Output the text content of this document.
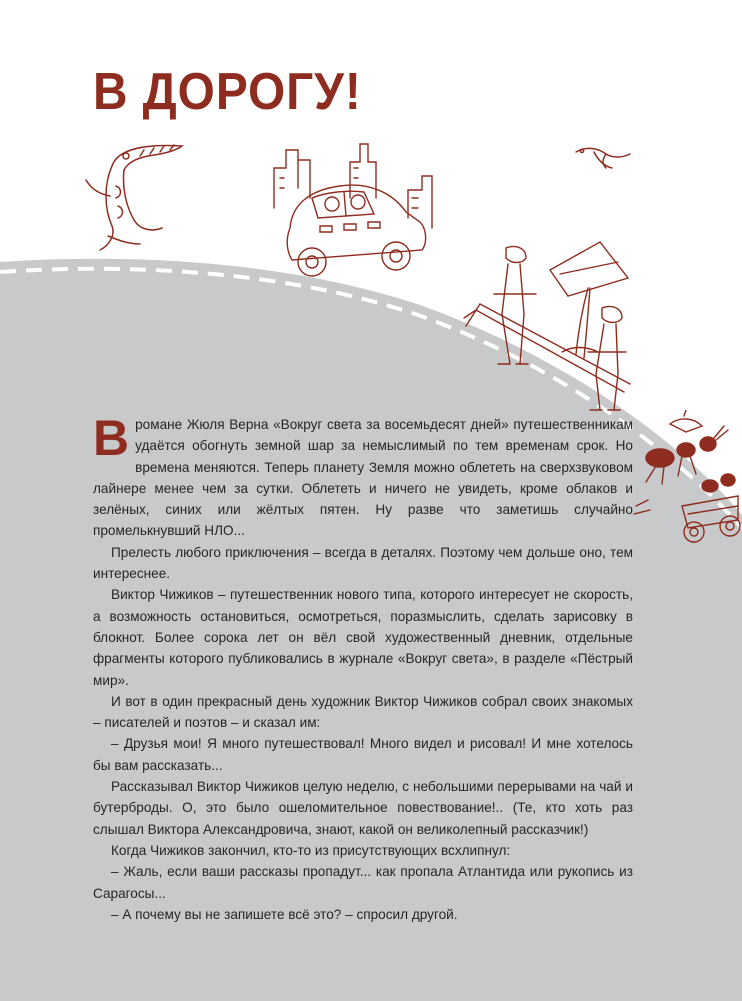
В ДОРОГУ!

Вромане Жюля Верна «Вокруг света за восемьдесят дней» путешественникам удаётся обогнуть земной шар за немыслимый по тем временам срок. Но времена меняются. Теперь планету Земля можно облететь на сверхзвуковом лайнере менее чем за сутки. Облететь и ничего не увидеть, кроме облаков и зелёных, синих или жёлтых пятен. Ну разве что заметишь случайно промелькнувший НЛО...

Прелесть любого приключения – всегда в деталях. Поэтому чем дольше оно, тем интереснее.

Виктор Чижиков – путешественник нового типа, которого интересует не скорость, а возможность остановиться, осмотреться, поразмыслить, сделать зарисовку в блокнот. Более сорока лет он вёл свой художественный дневник, отдельные фрагменты которого публиковались в журнале «Вокруг света», в разделе «Пёстрый мир».

И вот в один прекрасный день художник Виктор Чижиков собрал своих знакомых – писателей и поэтов – и сказал им:

– Друзья мои! Я много путешествовал! Много видел и рисовал! И мне хотелось бы вам рассказать...

Рассказывал Виктор Чижиков целую неделю, с небольшими перерывами на чай и бутерброды. О, это было ошеломительное повествование!.. (Те, кто хоть раз слышал Виктора Александровича, знают, какой он великолепный рассказчик!)

Когда Чижиков закончил, кто-то из присутствующих всхлипнул:

– Жаль, если ваши рассказы пропадут... как пропала Атлантида или рукопись из Сарагосы...

– А почему вы не запишете всё это? – спросил другой.
